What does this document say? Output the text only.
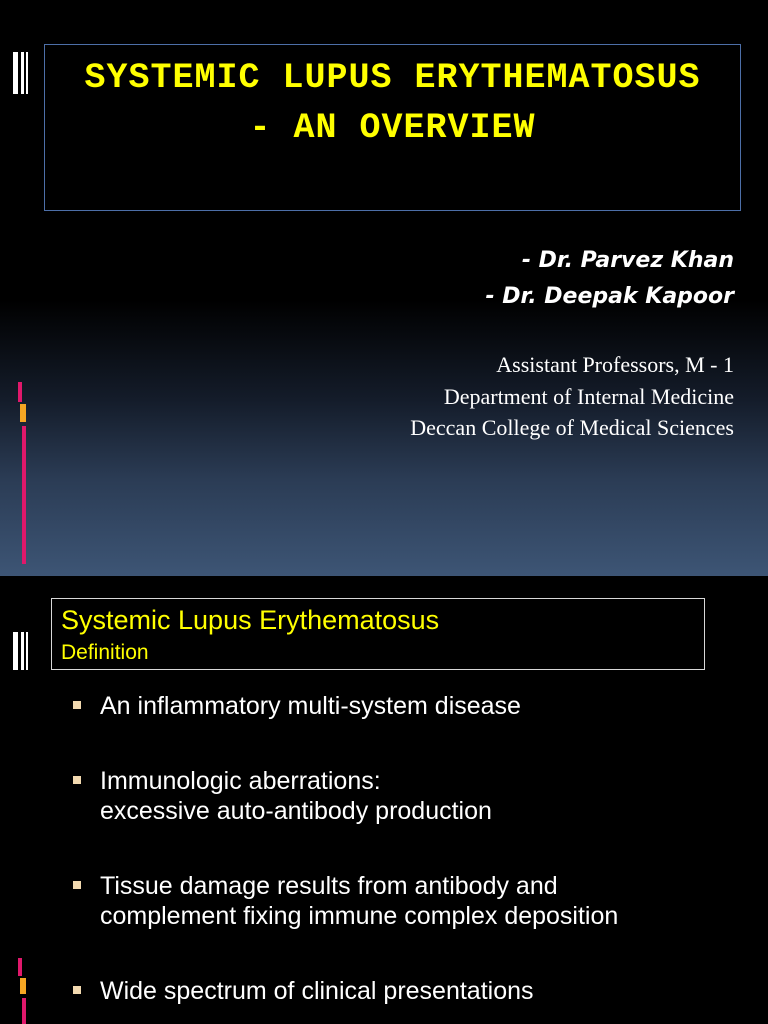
SYSTEMIC LUPUS ERYTHEMATOSUS
- AN OVERVIEW
- Dr. Parvez Khan
- Dr. Deepak Kapoor
Assistant Professors, M - 1
Department of Internal Medicine
Deccan College of Medical Sciences
Systemic Lupus Erythematosus
Definition
An inflammatory multi-system disease
Immunologic aberrations:
excessive auto-antibody production
Tissue damage results from antibody and
complement fixing immune complex deposition
Wide spectrum of clinical presentations
